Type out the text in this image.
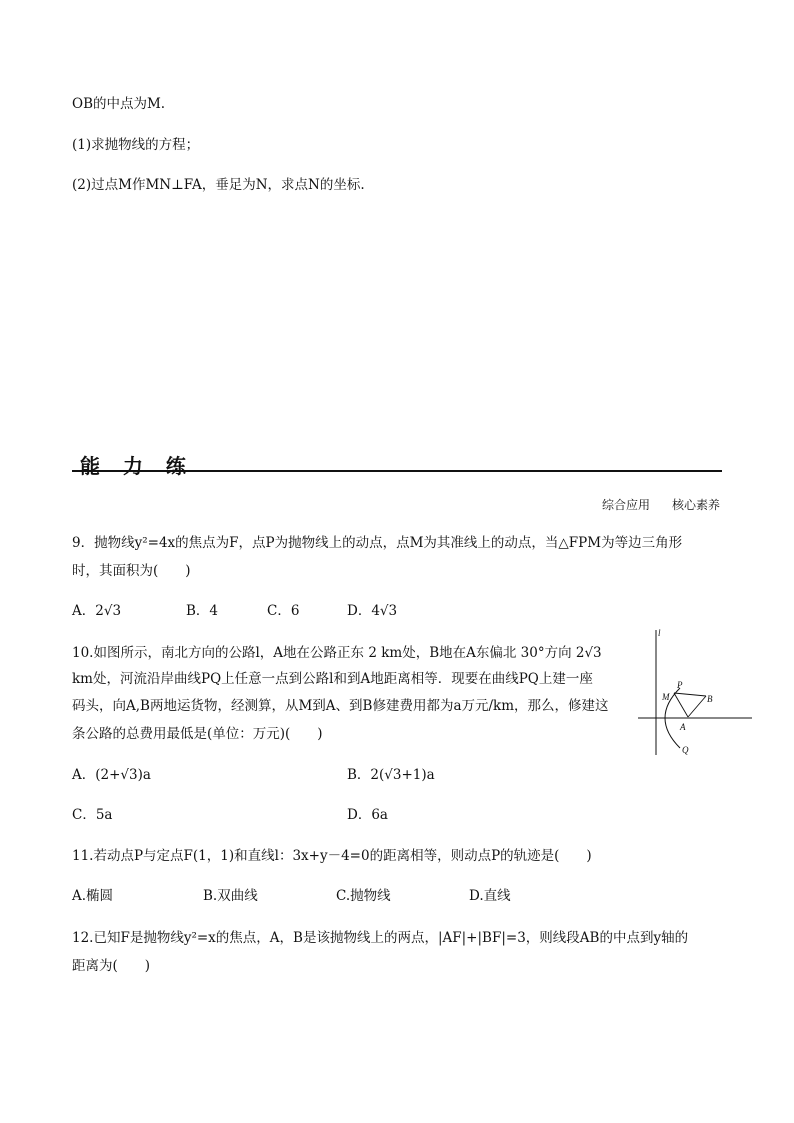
OB的中点为M.
(1)求抛物线的方程；
(2)过点M作MN⊥FA，垂足为N，求点N的坐标.
能 力 练
综合应用 核心素养
9．抛物线y²=4x的焦点为F，点P为抛物线上的动点，点M为其准线上的动点，当△FPM为等边三角形
时，其面积为(　　)
A．2√3	B．4	C．6	D．4√3
10.如图所示，南北方向的公路l，A地在公路正东 2 km处，B地在A东偏北 30°方向 2√3
km处，河流沿岸曲线PQ上任意一点到公路l和到A地距离相等．现要在曲线PQ上建一座
码头，向A,B两地运货物，经测算，从M到A、到B修建费用都为a万元/km，那么，修建这
条公路的总费用最低是(单位：万元)(　　)
l
P
M	B
A
Q
A．(2+√3)a	B．2(√3+1)a
C．5a	D．6a
11.若动点P与定点F(1，1)和直线l：3x+y－4=0的距离相等，则动点P的轨迹是(　　)
A.椭圆	B.双曲线	C.抛物线	D.直线
12.已知F是抛物线y²=x的焦点，A，B是该抛物线上的两点，|AF|+|BF|=3，则线段AB的中点到y轴的
距离为(　　)
